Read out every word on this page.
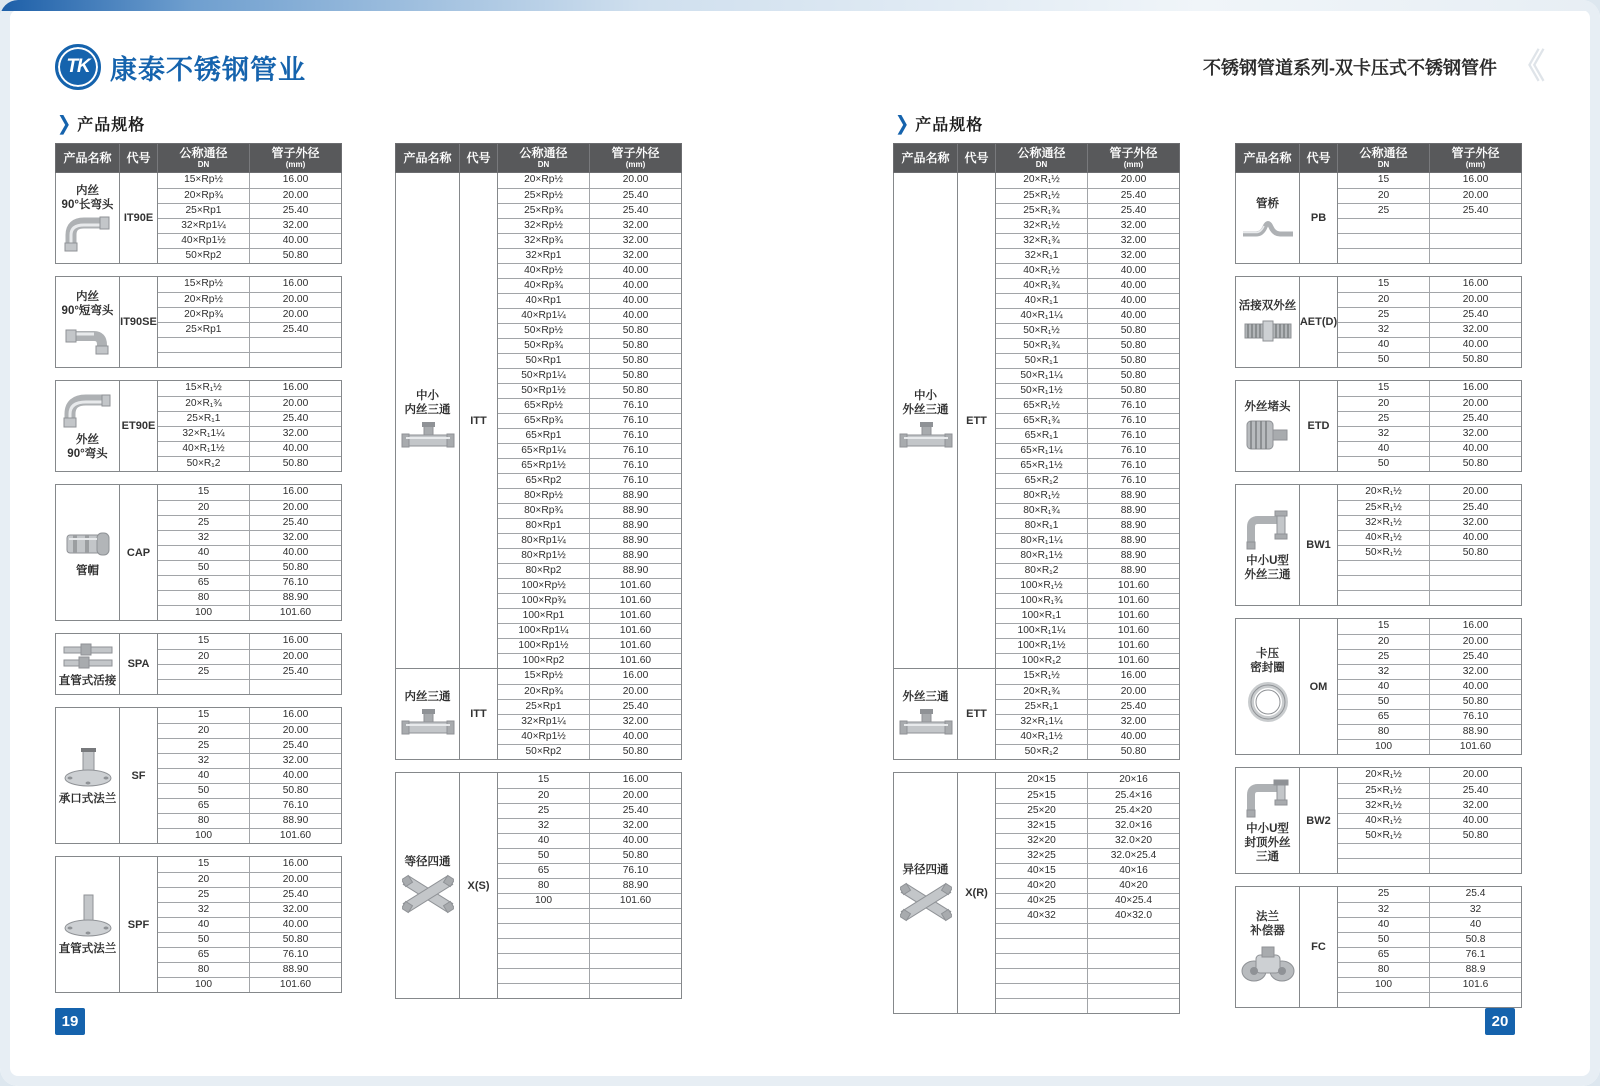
TK 康泰不锈钢管业	不锈钢管道系列-双卡压式不锈钢管件 《
❯ 产品规格	❯ 产品规格
产品名称 代号 公称通径
DN
管子外径
(mm)
内丝
90°长弯头
IT90E
15×Rp½	16.00
20×Rp¾	20.00
25×Rp1	25.40
32×Rp1¼	32.00
40×Rp1½	40.00
50×Rp2	50.80
内丝
90°短弯头
IT90SE
15×Rp½	16.00
20×Rp½	20.00
20×Rp¾	20.00
25×Rp1	25.40
外丝
90°弯头
ET90E
15×R₁½	16.00
20×R₁¾	20.00
25×R₁1	25.40
32×R₁1¼	32.00
40×R₁1½	40.00
50×R₁2	50.80
管帽
CAP
15	16.00
20	20.00
25	25.40
32	32.00
40	40.00
50	50.80
65	76.10
80	88.90
100	101.60
直管式活接
SPA
15	16.00
20	20.00
25	25.40
承口式法兰
SF
15	16.00
20	20.00
25	25.40
32	32.00
40	40.00
50	50.80
65	76.10
80	88.90
100	101.60
直管式法兰
SPF
15	16.00
20	20.00
25	25.40
32	32.00
40	40.00
50	50.80
65	76.10
80	88.90
100	101.60
产品名称 代号 公称通径
DN
管子外径
(mm)
中小
内丝三通
ITT
20×Rp½	20.00
25×Rp½	25.40
25×Rp¾	25.40
32×Rp½	32.00
32×Rp¾	32.00
32×Rp1	32.00
40×Rp½	40.00
40×Rp¾	40.00
40×Rp1	40.00
40×Rp1¼	40.00
50×Rp½	50.80
50×Rp¾	50.80
50×Rp1	50.80
50×Rp1¼	50.80
50×Rp1½	50.80
65×Rp½	76.10
65×Rp¾	76.10
65×Rp1	76.10
65×Rp1¼	76.10
65×Rp1½	76.10
65×Rp2	76.10
80×Rp½	88.90
80×Rp¾	88.90
80×Rp1	88.90
80×Rp1¼	88.90
80×Rp1½	88.90
80×Rp2	88.90
100×Rp½	101.60
100×Rp¾	101.60
100×Rp1	101.60
100×Rp1¼	101.60
100×Rp1½	101.60
100×Rp2	101.60
内丝三通
ITT
15×Rp½	16.00
20×Rp¾	20.00
25×Rp1	25.40
32×Rp1¼	32.00
40×Rp1½	40.00
50×Rp2	50.80
等径四通
X(S)
15	16.00
20	20.00
25	25.40
32	32.00
40	40.00
50	50.80
65	76.10
80	88.90
100	101.60
产品名称 代号 公称通径
DN
管子外径
(mm)
中小
外丝三通
ETT
20×R₁½	20.00
25×R₁½	25.40
25×R₁¾	25.40
32×R₁½	32.00
32×R₁¾	32.00
32×R₁1	32.00
40×R₁½	40.00
40×R₁¾	40.00
40×R₁1	40.00
40×R₁1¼	40.00
50×R₁½	50.80
50×R₁¾	50.80
50×R₁1	50.80
50×R₁1¼	50.80
50×R₁1½	50.80
65×R₁½	76.10
65×R₁¾	76.10
65×R₁1	76.10
65×R₁1¼	76.10
65×R₁1½	76.10
65×R₁2	76.10
80×R₁½	88.90
80×R₁¾	88.90
80×R₁1	88.90
80×R₁1¼	88.90
80×R₁1½	88.90
80×R₁2	88.90
100×R₁½	101.60
100×R₁¾	101.60
100×R₁1	101.60
100×R₁1¼	101.60
100×R₁1½	101.60
100×R₁2	101.60
外丝三通
ETT
15×R₁½	16.00
20×R₁¾	20.00
25×R₁1	25.40
32×R₁1¼	32.00
40×R₁1½	40.00
50×R₁2	50.80
异径四通
X(R)
20×15	20×16
25×15	25.4×16
25×20	25.4×20
32×15	32.0×16
32×20	32.0×20
32×25	32.0×25.4
40×15	40×16
40×20	40×20
40×25	40×25.4
40×32	40×32.0
产品名称 代号 公称通径
DN
管子外径
(mm)
管桥
PB
15	16.00
20	20.00
25	25.40
活接双外丝
AET(D)
15	16.00
20	20.00
25	25.40
32	32.00
40	40.00
50	50.80
外丝堵头
ETD
15	16.00
20	20.00
25	25.40
32	32.00
40	40.00
50	50.80
中小U型
外丝三通
BW1
20×R₁½	20.00
25×R₁½	25.40
32×R₁½	32.00
40×R₁½	40.00
50×R₁½	50.80
卡压
密封圈
OM
15	16.00
20	20.00
25	25.40
32	32.00
40	40.00
50	50.80
65	76.10
80	88.90
100	101.60
中小U型
封顶外丝
三通
BW2
20×R₁½	20.00
25×R₁½	25.40
32×R₁½	32.00
40×R₁½	40.00
50×R₁½	50.80
法兰
补偿器
FC
25	25.4
32	32
40	40
50	50.8
65	76.1
80	88.9
100	101.6
19	20
